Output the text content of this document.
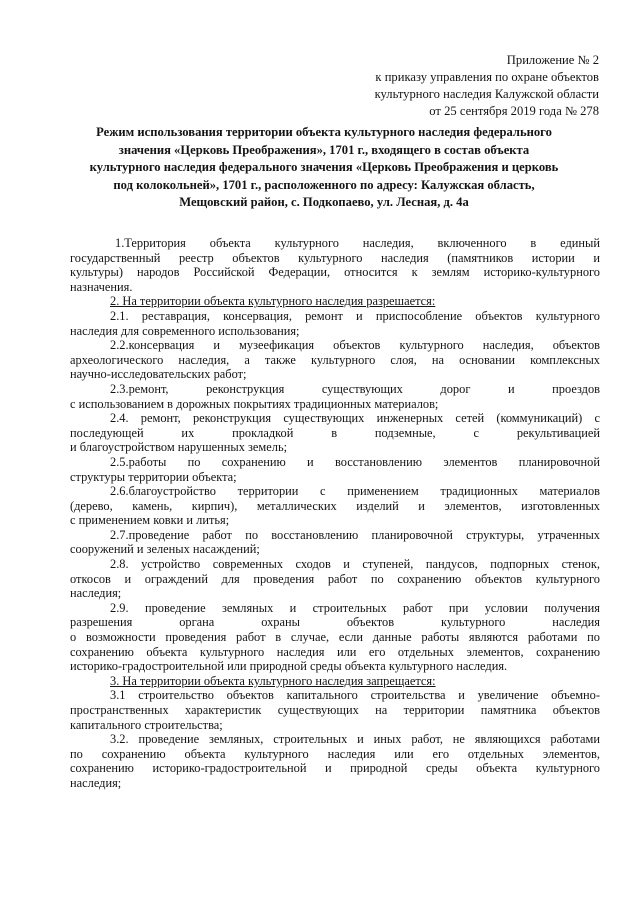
Приложение № 2
к приказу управления по охране объектов
культурного наследия Калужской области
от 25 сентября 2019 года № 278
Режим использования территории объекта культурного наследия федерального
значения «Церковь Преображения», 1701 г., входящего в состав объекта
культурного наследия федерального значения «Церковь Преображения и церковь
под колокольней», 1701 г., расположенного по адресу: Калужская область,
Мещовский район, с. Подкопаево, ул. Лесная, д. 4а

1.Территория объекта культурного наследия, включенного в единый
государственный реестр объектов культурного наследия (памятников истории и
культуры) народов Российской Федерации, относится к землям историко-культурного
назначения.

2. На территории объекта культурного наследия разрешается:

2.1. реставрация, консервация, ремонт и приспособление объектов культурного
наследия для современного использования;

2.2.консервация и музеефикация объектов культурного наследия, объектов
археологического наследия, а также культурного слоя, на основании комплексных
научно-исследовательских работ;

2.3.ремонт, реконструкция существующих дорог и проездов
с использованием в дорожных покрытиях традиционных материалов;

2.4. ремонт, реконструкция существующих инженерных сетей (коммуникаций) с
последующей их прокладкой в подземные, с рекультивацией
и благоустройством нарушенных земель;

2.5.работы по сохранению и восстановлению элементов планировочной
структуры территории объекта;

2.6.благоустройство территории с применением традиционных материалов
(дерево, камень, кирпич), металлических изделий и элементов, изготовленных
с применением ковки и литья;

2.7.проведение работ по восстановлению планировочной структуры, утраченных
сооружений и зеленых насаждений;

2.8. устройство современных сходов и ступеней, пандусов, подпорных стенок,
откосов и ограждений для проведения работ по сохранению объектов культурного
наследия;

2.9. проведение земляных и строительных работ при условии получения
разрешения органа охраны объектов культурного наследия
о возможности проведения работ в случае, если данные работы являются работами по
сохранению объекта культурного наследия или его отдельных элементов, сохранению
историко-градостроительной или природной среды объекта культурного наследия.

3. На территории объекта культурного наследия запрещается:

3.1 строительство объектов капитального строительства и увеличение объемно-
пространственных характеристик существующих на территории памятника объектов
капитального строительства;

3.2. проведение земляных, строительных и иных работ, не являющихся работами
по сохранению объекта культурного наследия или его отдельных элементов,
сохранению историко-градостроительной и природной среды объекта культурного
наследия;
